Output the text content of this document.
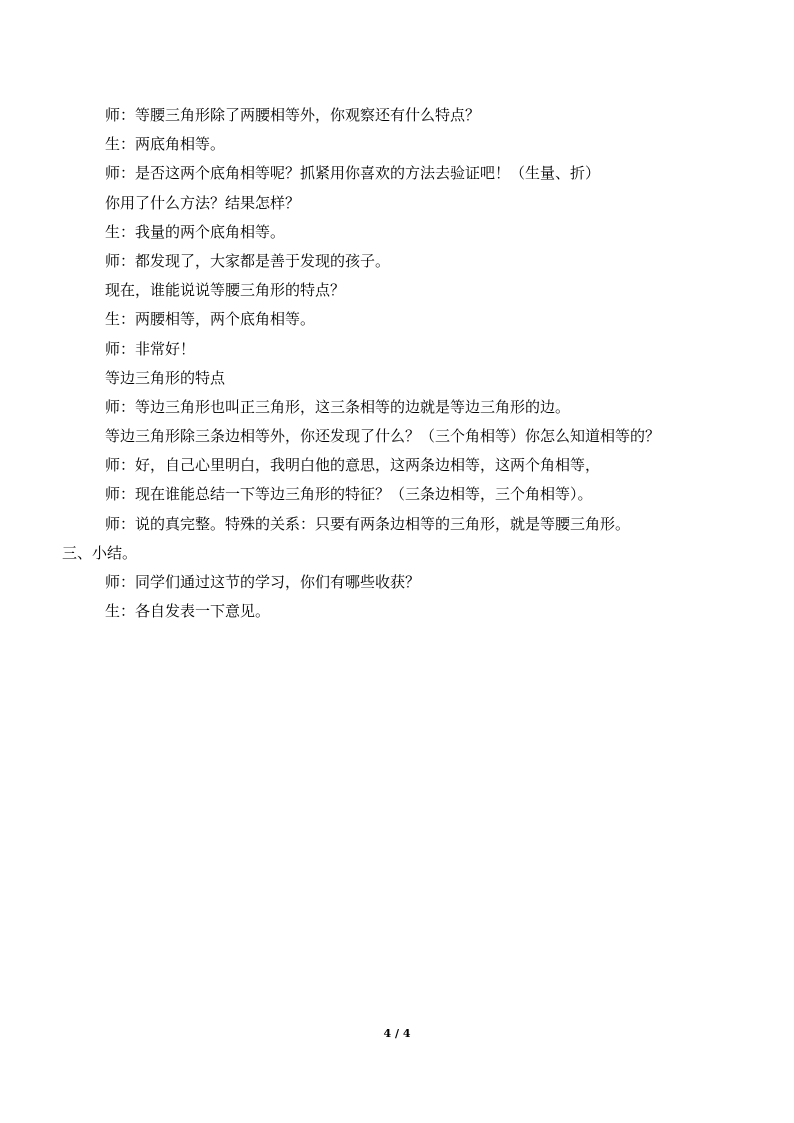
师：等腰三角形除了两腰相等外，你观察还有什么特点？
生：两底角相等。
师：是否这两个底角相等呢？抓紧用你喜欢的方法去验证吧！（生量、折）
你用了什么方法？结果怎样？
生：我量的两个底角相等。
师：都发现了，大家都是善于发现的孩子。
现在，谁能说说等腰三角形的特点？
生：两腰相等，两个底角相等。
师：非常好！
等边三角形的特点
师：等边三角形也叫正三角形，这三条相等的边就是等边三角形的边。
等边三角形除三条边相等外，你还发现了什么？（三个角相等）你怎么知道相等的？
师：好，自己心里明白，我明白他的意思，这两条边相等，这两个角相等，
师：现在谁能总结一下等边三角形的特征？（三条边相等，三个角相等）。
师：说的真完整。特殊的关系：只要有两条边相等的三角形，就是等腰三角形。
三、小结。
师：同学们通过这节的学习，你们有哪些收获？
生：各自发表一下意见。
4 / 4
